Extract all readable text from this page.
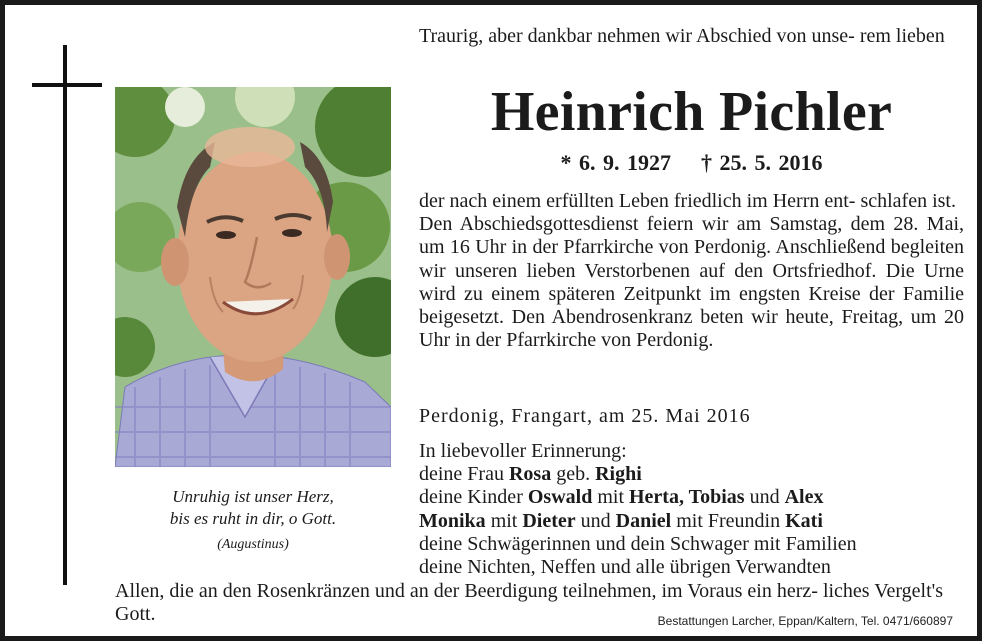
Unruhig ist unser Herz,
bis es ruht in dir, o Gott.
(Augustinus)
Traurig, aber dankbar nehmen wir Abschied von unse- rem lieben
Heinrich Pichler
* 6. 9. 1927 † 25. 5. 2016

der nach einem erfüllten Leben friedlich im Herrn ent- schlafen ist.

Den Abschiedsgottesdienst feiern wir am Samstag, dem 28. Mai, um 16 Uhr in der Pfarrkirche von Perdonig. Anschließend begleiten wir unseren lieben Verstorbenen auf den Ortsfriedhof. Die Urne wird zu einem späteren Zeitpunkt im engsten Kreise der Familie beigesetzt. Den Abendrosenkranz beten wir heute, Freitag, um 20 Uhr in der Pfarrkirche von Perdonig.

Perdonig, Frangart, am 25. Mai 2016
In liebevoller Erinnerung:
deine Frau Rosa geb. Righi
deine Kinder Oswald mit Herta, Tobias und Alex
Monika mit Dieter und Daniel mit Freundin Kati
deine Schwägerinnen und dein Schwager mit Familien
deine Nichten, Neffen und alle übrigen Verwandten
Allen, die an den Rosenkränzen und an der Beerdigung teilnehmen, im Voraus ein herz- liches Vergelt's Gott.	Bestattungen Larcher, Eppan/Kaltern, Tel. 0471/660897
